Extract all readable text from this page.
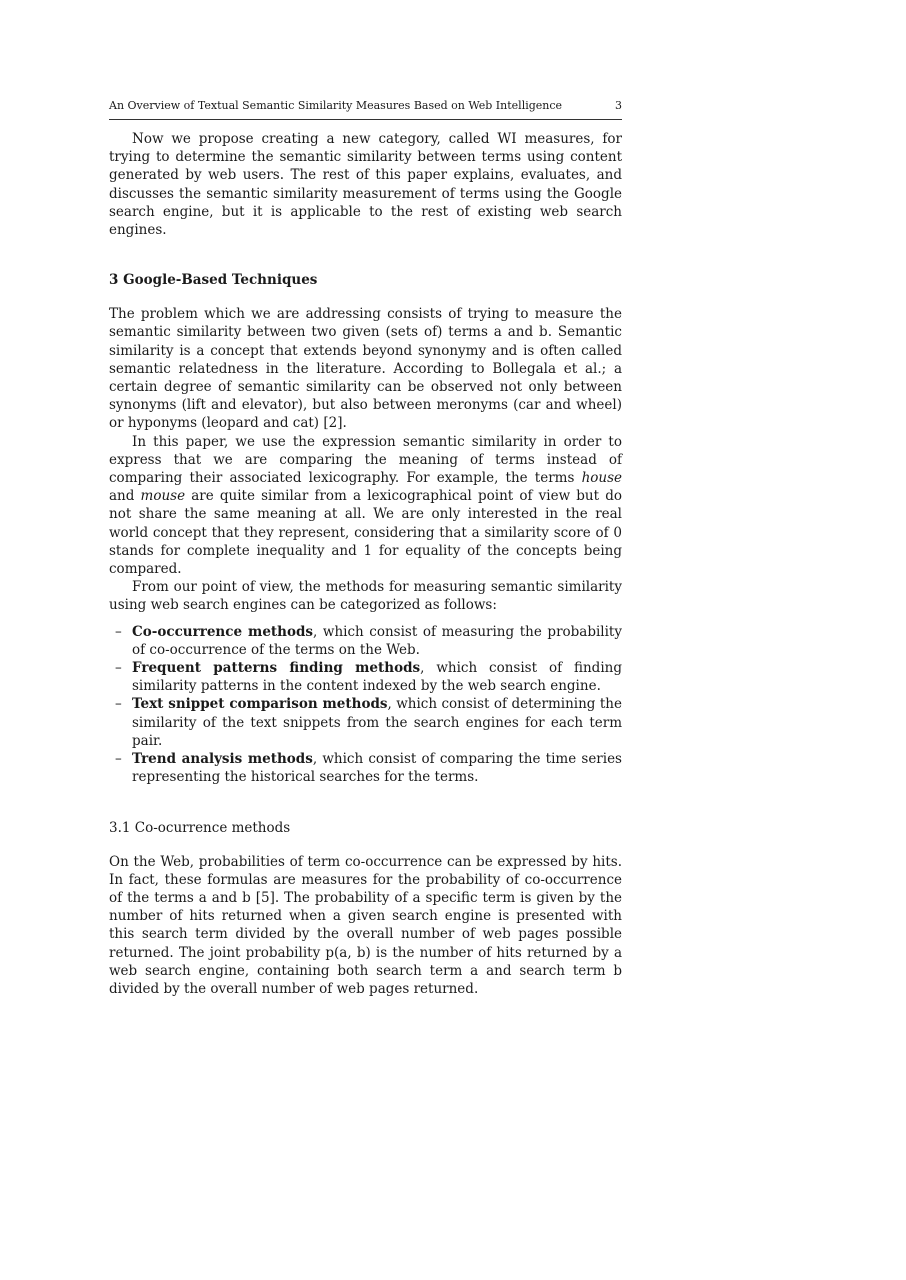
An Overview of Textual Semantic Similarity Measures Based on Web Intelligence	3

Now we propose creating a new category, called WI measures, for trying to determine the semantic similarity between terms using content generated by web users. The rest of this paper explains, evaluates, and discusses the semantic similarity measurement of terms using the Google search engine, but it is applicable to the rest of existing web search engines.

3 Google-Based Techniques

The problem which we are addressing consists of trying to measure the semantic similarity between two given (sets of) terms a and b. Semantic similarity is a concept that extends beyond synonymy and is often called semantic relatedness in the literature. According to Bollegala et al.; a certain degree of semantic similarity can be observed not only between synonyms (lift and elevator), but also between meronyms (car and wheel) or hyponyms (leopard and cat) [2].

In this paper, we use the expression semantic similarity in order to express that we are comparing the meaning of terms instead of comparing their associated lexicography. For example, the terms house and mouse are quite similar from a lexicographical point of view but do not share the same meaning at all. We are only interested in the real world concept that they represent, considering that a similarity score of 0 stands for complete inequality and 1 for equality of the concepts being compared.

From our point of view, the methods for measuring semantic similarity using web search engines can be categorized as follows:

– Co-occurrence methods, which consist of measuring the probability of co-occurrence of the terms on the Web.
– Frequent patterns finding methods, which consist of finding similarity patterns in the content indexed by the web search engine.
– Text snippet comparison methods, which consist of determining the similarity of the text snippets from the search engines for each term pair.
– Trend analysis methods, which consist of comparing the time series representing the historical searches for the terms.
3.1 Co-ocurrence methods

On the Web, probabilities of term co-occurrence can be expressed by hits. In fact, these formulas are measures for the probability of co-occurrence of the terms a and b [5]. The probability of a specific term is given by the number of hits returned when a given search engine is presented with this search term divided by the overall number of web pages possible returned. The joint probability p(a, b) is the number of hits returned by a web search engine, containing both search term a and search term b divided by the overall number of web pages returned.
